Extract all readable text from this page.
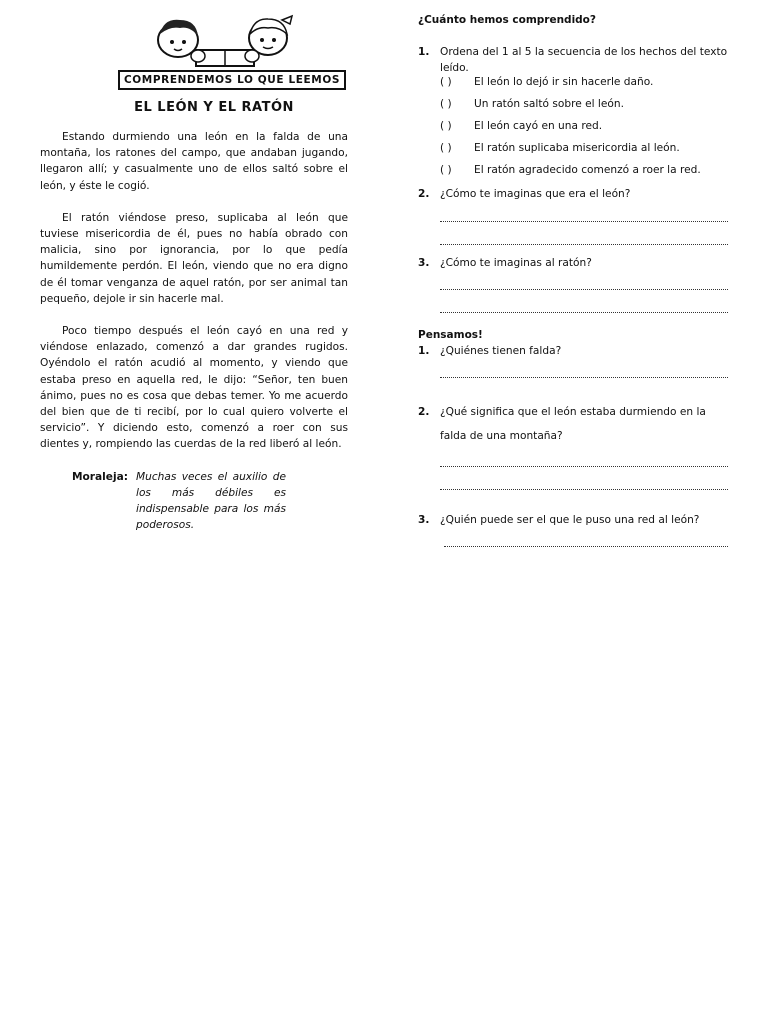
COMPRENDEMOS LO QUE LEEMOS
EL LEÓN Y EL RATÓN

Estando durmiendo una león en la falda de una montaña, los ratones del campo, que andaban jugando, llegaron allí; y casualmente uno de ellos saltó sobre el león, y éste le cogió.

El ratón viéndose preso, suplicaba al león que tuviese misericordia de él, pues no había obrado con malicia, sino por ignorancia, por lo que pedía humildemente perdón. El león, viendo que no era digno de él tomar venganza de aquel ratón, por ser animal tan pequeño, dejole ir sin hacerle mal.

Poco tiempo después el león cayó en una red y viéndose enlazado, comenzó a dar grandes rugidos. Oyéndolo el ratón acudió al momento, y viendo que estaba preso en aquella red, le dijo: “Señor, ten buen ánimo, pues no es cosa que debas temer. Yo me acuerdo del bien que de ti recibí, por lo cual quiero volverte el servicio”. Y diciendo esto, comenzó a roer con sus dientes y, rompiendo las cuerdas de la red liberó al león.

Moraleja: Muchas veces el auxilio de los más débiles es indispensable para los más poderosos.
¿Cuánto hemos comprendido?
1. Ordena del 1 al 5 la secuencia de los hechos del texto leído.
( )	El león lo dejó ir sin hacerle daño.
( )	Un ratón saltó sobre el león.
( )	El león cayó en una red.
( )	El ratón suplicaba misericordia al león.
( )	El ratón agradecido comenzó a roer la red.
2. ¿Cómo te imaginas que era el león?
3. ¿Cómo te imaginas al ratón?
Pensamos!
1. ¿Quiénes tienen falda?
2. ¿Qué significa que el león estaba durmiendo en la falda de una montaña?
3. ¿Quién puede ser el que le puso una red al león?
